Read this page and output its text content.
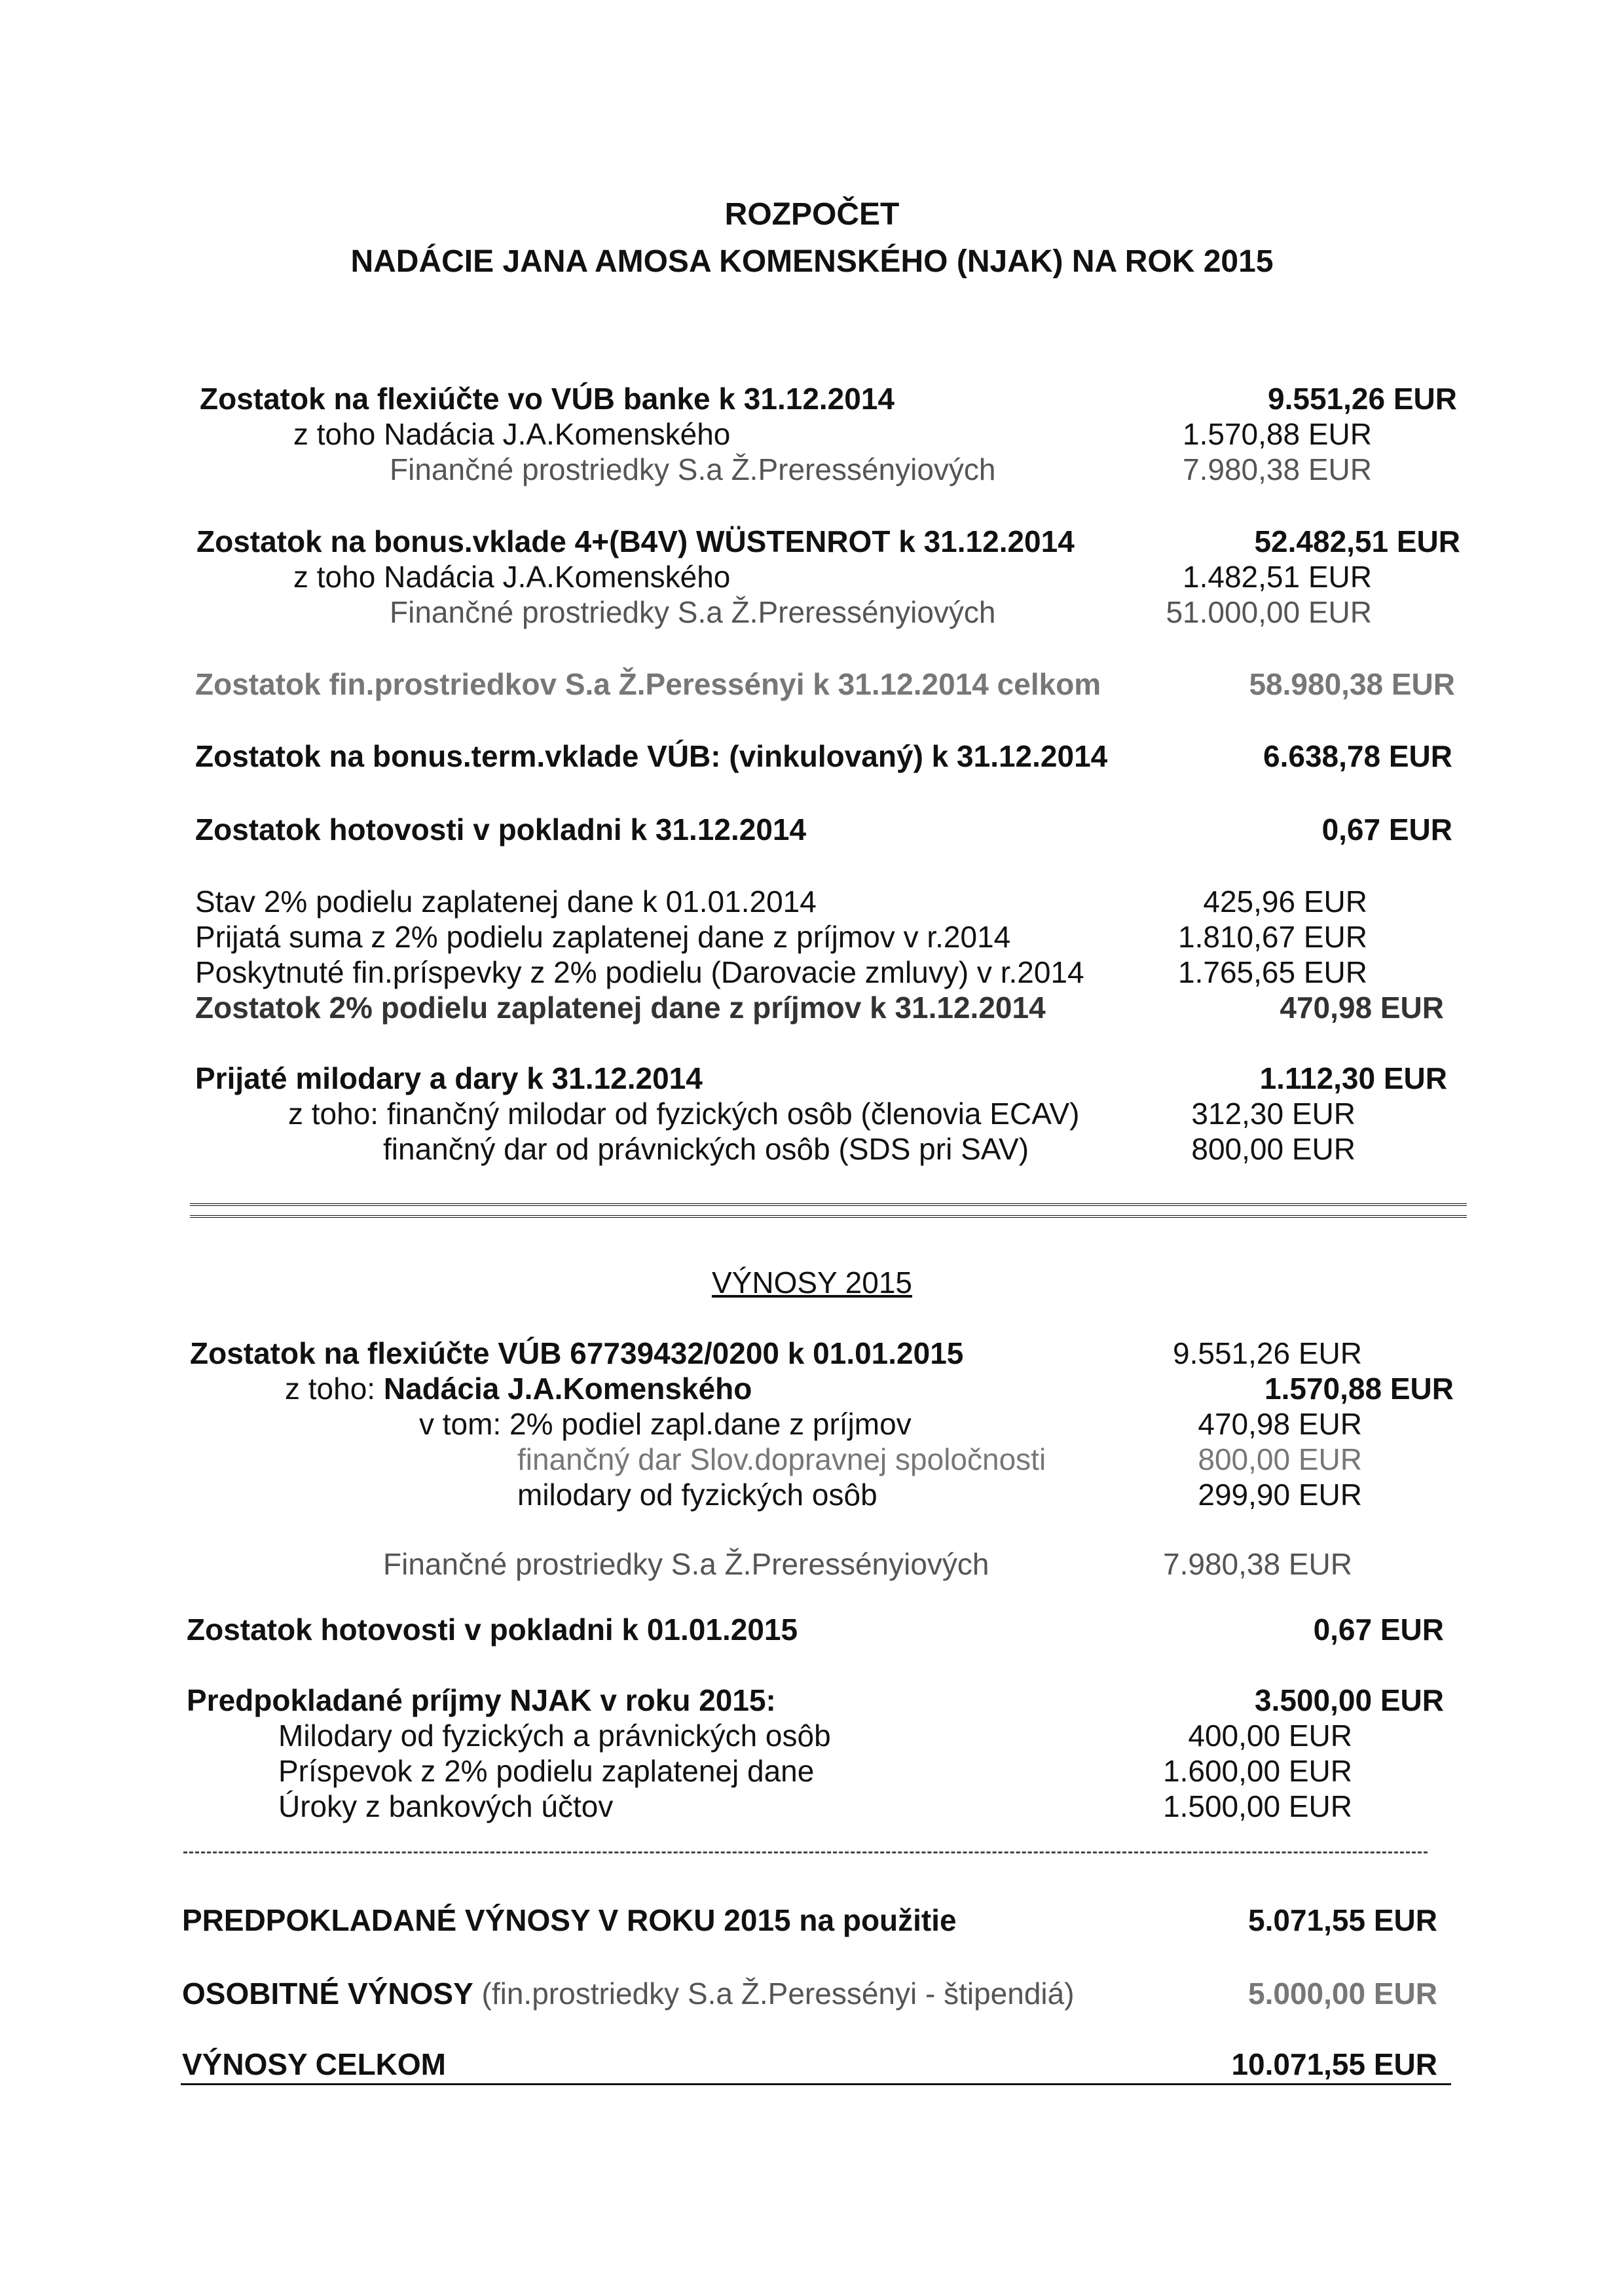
ROZPOČET
NADÁCIE JANA AMOSA KOMENSKÉHO (NJAK) NA ROK 2015
Zostatok na flexiúčte vo VÚB banke k 31.12.2014	9.551,26 EUR
z toho Nadácia J.A.Komenského	1.570,88 EUR
Finančné prostriedky S.a Ž.Preressényiových	7.980,38 EUR
Zostatok na bonus.vklade 4+(B4V) WÜSTENROT k 31.12.2014	52.482,51 EUR
z toho Nadácia J.A.Komenského	1.482,51 EUR
Finančné prostriedky S.a Ž.Preressényiových	51.000,00 EUR
Zostatok fin.prostriedkov S.a Ž.Peressényi k 31.12.2014 celkom	58.980,38 EUR
Zostatok na bonus.term.vklade VÚB: (vinkulovaný) k 31.12.2014	6.638,78 EUR
Zostatok hotovosti v pokladni k 31.12.2014	0,67 EUR
Stav 2% podielu zaplatenej dane k 01.01.2014	425,96 EUR
Prijatá suma z 2% podielu zaplatenej dane z príjmov v r.2014	1.810,67 EUR
Poskytnuté fin.príspevky z 2% podielu (Darovacie zmluvy) v r.2014	1.765,65 EUR
Zostatok 2% podielu zaplatenej dane z príjmov k 31.12.2014	470,98 EUR
Prijaté milodary a dary k 31.12.2014	1.112,30 EUR
z toho: finančný milodar od fyzických osôb (členovia ECAV)	312,30 EUR
finančný dar od právnických osôb (SDS pri SAV)	800,00 EUR
VÝNOSY 2015
Zostatok na flexiúčte VÚB 67739432/0200 k 01.01.2015	9.551,26 EUR
z toho: Nadácia J.A.Komenského	1.570,88 EUR
v tom: 2% podiel zapl.dane z príjmov	470,98 EUR
finančný dar Slov.dopravnej spoločnosti	800,00 EUR
milodary od fyzických osôb	299,90 EUR
Finančné prostriedky S.a Ž.Preressényiových	7.980,38 EUR
Zostatok hotovosti v pokladni k 01.01.2015	0,67 EUR
Predpokladané príjmy NJAK v roku 2015:	3.500,00 EUR
Milodary od fyzických a právnických osôb	400,00 EUR
Príspevok z 2% podielu zaplatenej dane	1.600,00 EUR
Úroky z bankových účtov	1.500,00 EUR
PREDPOKLADANÉ VÝNOSY V ROKU 2015 na použitie	5.071,55 EUR
OSOBITNÉ VÝNOSY (fin.prostriedky S.a Ž.Peressényi - štipendiá)	5.000,00 EUR
VÝNOSY CELKOM	10.071,55 EUR
